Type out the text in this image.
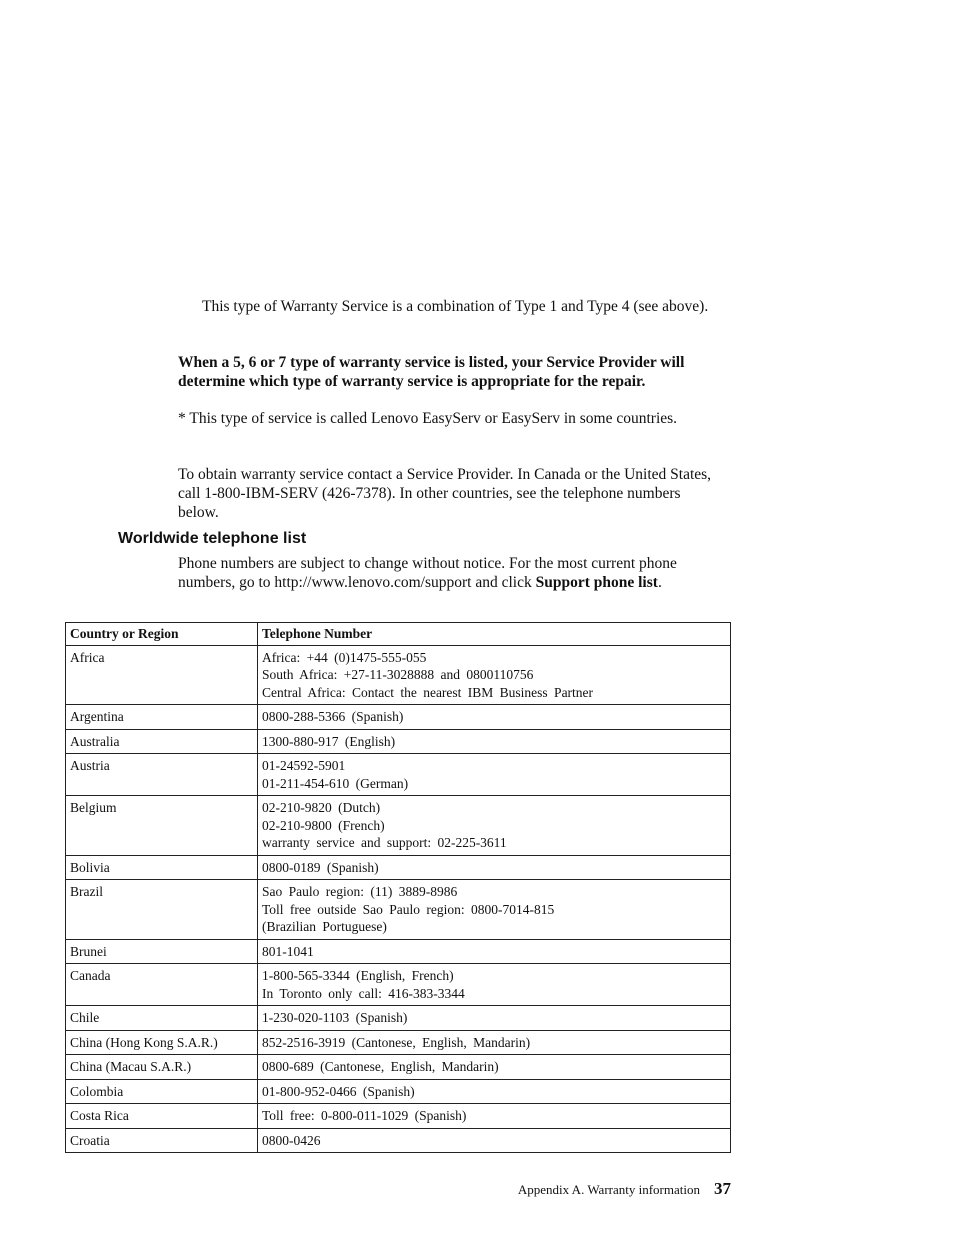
This type of Warranty Service is a combination of Type 1 and Type 4 (see above).

When a 5, 6 or 7 type of warranty service is listed, your Service Provider will determine which type of warranty service is appropriate for the repair.

* This type of service is called Lenovo EasyServ or EasyServ in some countries.

To obtain warranty service contact a Service Provider. In Canada or the United States, call 1-800-IBM-SERV (426-7378). In other countries, see the telephone numbers below.

Worldwide telephone list

Phone numbers are subject to change without notice. For the most current phone numbers, go to http://www.lenovo.com/support and click Support phone list.

Country or Region	Telephone Number
Africa	Africa: +44 (0)1475-555-055
South Africa: +27-11-3028888 and 0800110756
Central Africa: Contact the nearest IBM Business Partner

Argentina	0800-288-5366 (Spanish)

Australia	1300-880-917 (English)

Austria	01-24592-5901
01-211-454-610 (German)

Belgium	02-210-9820 (Dutch)
02-210-9800 (French)
warranty service and support: 02-225-3611

Bolivia	0800-0189 (Spanish)

Brazil	Sao Paulo region: (11) 3889-8986
Toll free outside Sao Paulo region: 0800-7014-815
(Brazilian Portuguese)

Brunei	801-1041

Canada	1-800-565-3344 (English, French)
In Toronto only call: 416-383-3344

Chile	1-230-020-1103 (Spanish)

China (Hong Kong S.A.R.)	852-2516-3919 (Cantonese, English, Mandarin)

China (Macau S.A.R.)	0800-689 (Cantonese, English, Mandarin)

Colombia	01-800-952-0466 (Spanish)

Costa Rica	Toll free: 0-800-011-1029 (Spanish)

Croatia	0800-0426
Appendix A. Warranty information 37
